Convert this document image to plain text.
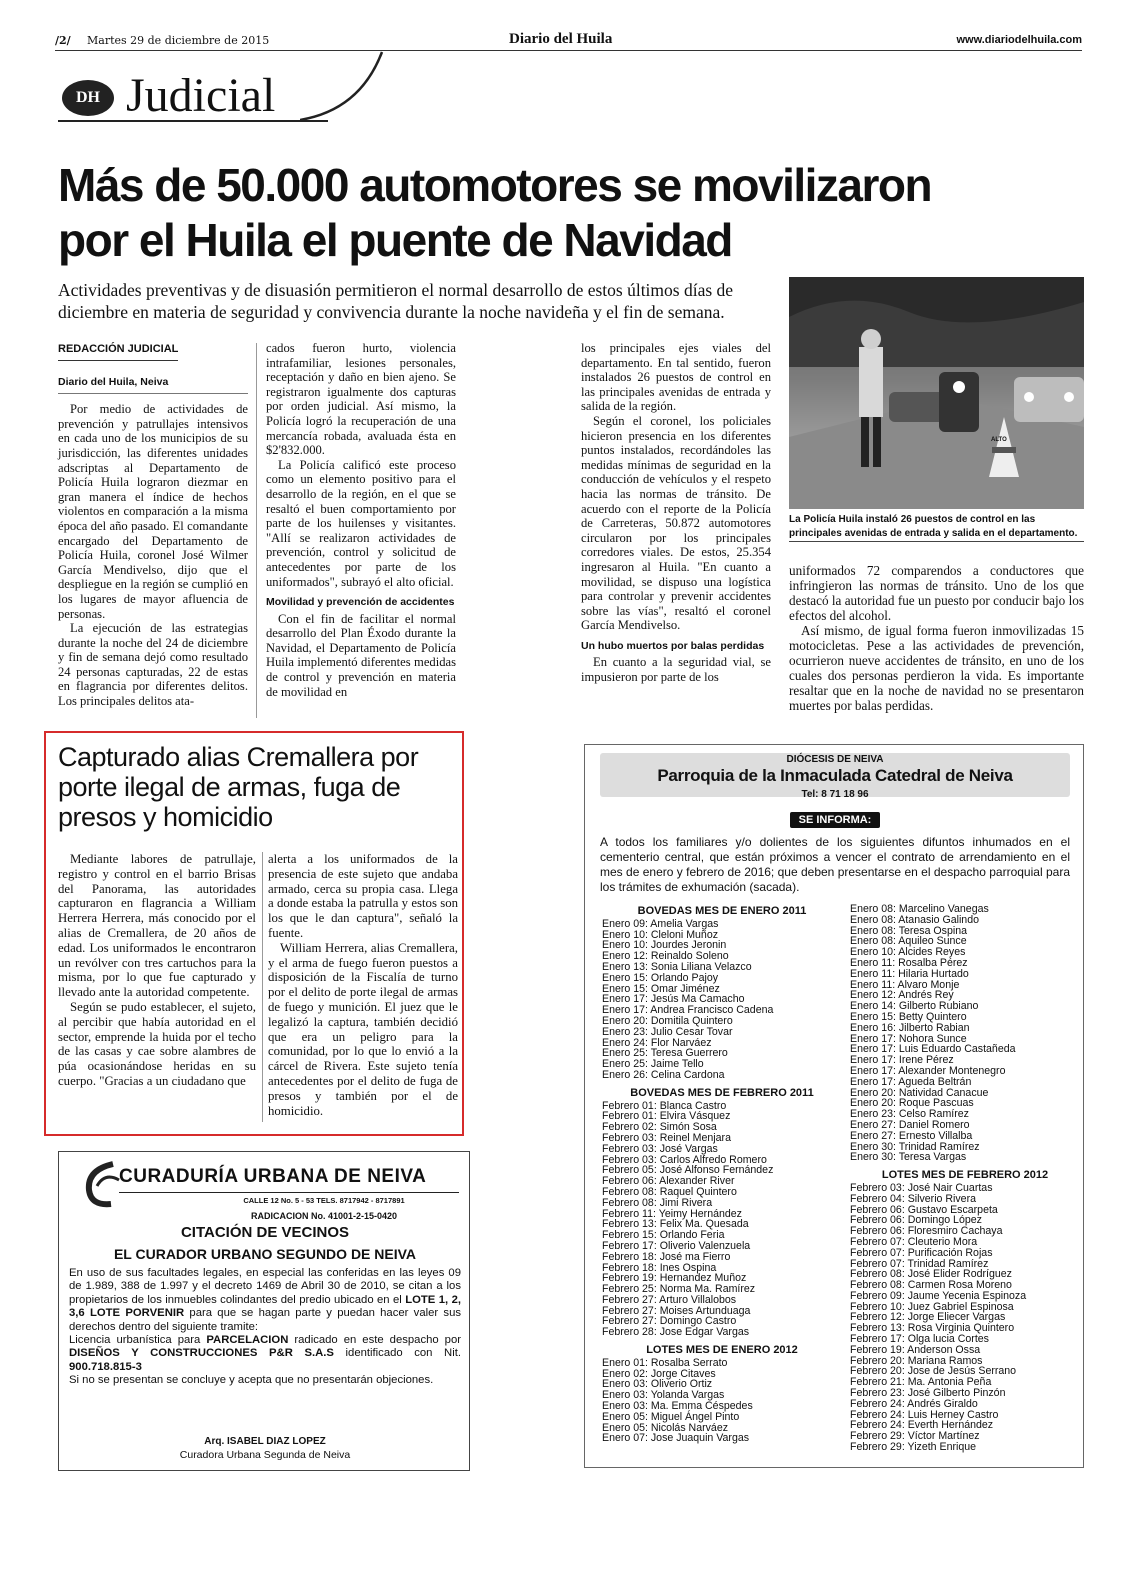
/2/ Martes 29 de diciembre de 2015	Diario del Huila	www.diariodelhuila.com
DH Judicial
Más de 50.000 automotores se movilizaron
por el Huila el puente de Navidad
Actividades preventivas y de disuasión permitieron el normal desarrollo de estos últimos días de diciembre en materia de seguridad y convivencia durante la noche navideña y el fin de semana.
REDACCIÓN JUDICIAL
Diario del Huila, Neiva

Por medio de actividades de prevención y patrullajes intensivos en cada uno de los municipios de su jurisdicción, las diferentes unidades adscriptas al Departamento de Policía Huila lograron diezmar en gran manera el índice de hechos violentos en comparación a la misma época del año pasado. El comandante encargado del Departamento de Policía Huila, coronel José Wilmer García Mendivelso, dijo que el despliegue en la región se cumplió en los lugares de mayor afluencia de personas.

La ejecución de las estrategias durante la noche del 24 de diciembre y fin de semana dejó como resultado 24 personas capturadas, 22 de estas en flagrancia por diferentes delitos. Los principales delitos ata-

cados fueron hurto, violencia intrafamiliar, lesiones personales, receptación y daño en bien ajeno. Se registraron igualmente dos capturas por orden judicial. Así mismo, la Policía logró la recuperación de una mercancía robada, avaluada ésta en $2'832.000.

La Policía calificó este proceso como un elemento positivo para el desarrollo de la región, en el que se resaltó el buen comportamiento por parte de los huilenses y visitantes. "Allí se realizaron actividades de prevención, control y solicitud de antecedentes por parte de los uniformados", subrayó el alto oficial.

Movilidad y prevención de accidentes

Con el fin de facilitar el normal desarrollo del Plan Éxodo durante la Navidad, el Departamento de Policía Huila implementó diferentes medidas de control y prevención en materia de movilidad en

los principales ejes viales del departamento. En tal sentido, fueron instalados 26 puestos de control en las principales avenidas de entrada y salida de la región.

Según el coronel, los policiales hicieron presencia en los diferentes puntos instalados, recordándoles las medidas mínimas de seguridad en la conducción de vehículos y el respeto hacia las normas de tránsito. De acuerdo con el reporte de la Policía de Carreteras, 50.872 automotores circularon por los principales corredores viales. De estos, 25.354 ingresaron al Huila. "En cuanto a movilidad, se dispuso una logística para controlar y prevenir accidentes sobre las vías", resaltó el coronel García Mendivelso.

Un hubo muertos por balas perdidas

En cuanto a la seguridad vial, se impusieron por parte de los

ALTO
La Policía Huila instaló 26 puestos de control en las principales avenidas de entrada y salida en el departamento.

uniformados 72 comparendos a conductores que infringieron las normas de tránsito. Uno de los que destacó la autoridad fue un puesto por conducir bajo los efectos del alcohol.

Así mismo, de igual forma fueron inmovilizadas 15 motocicletas. Pese a las actividades de prevención, ocurrieron nueve accidentes de tránsito, en uno de los cuales dos personas perdieron la vida. Es importante resaltar que en la noche de navidad no se presentaron muertes por balas perdidas.

Capturado alias Cremallera por porte ilegal de armas, fuga de presos y homicidio

Mediante labores de patrullaje, registro y control en el barrio Brisas del Panorama, las autoridades capturaron en flagrancia a William Herrera Herrera, más conocido por el alias de Cremallera, de 20 años de edad. Los uniformados le encontraron un revólver con tres cartuchos para la misma, por lo que fue capturado y llevado ante la autoridad competente.

Según se pudo establecer, el sujeto, al percibir que había autoridad en el sector, emprende la huida por el techo de las casas y cae sobre alambres de púa ocasionándose heridas en su cuerpo. "Gracias a un ciudadano que

alerta a los uniformados de la presencia de este sujeto que andaba armado, cerca su propia casa. Llega a donde estaba la patrulla y estos son los que le dan captura", señaló la fuente.

William Herrera, alias Cremallera, y el arma de fuego fueron puestos a disposición de la Fiscalía de turno por el delito de porte ilegal de armas de fuego y munición. El juez que le legalizó la captura, también decidió que era un peligro para la comunidad, por lo que lo envió a la cárcel de Rivera. Este sujeto tenía antecedentes por el delito de fuga de presos y también por el de homicidio.

DIÓCESIS DE NEIVA
Parroquia de la Inmaculada Catedral de Neiva
Tel: 8 71 18 96
SE INFORMA:
A todos los familiares y/o dolientes de los siguientes difuntos inhumados en el cementerio central, que están próximos a vencer el contrato de arrendamiento en el mes de enero y febrero de 2016; que deben presentarse en el despacho parroquial para los trámites de exhumación (sacada).
BOVEDAS MES DE ENERO 2011
Enero 09: Amelia Vargas
Enero 10: Cleloni Muñoz
Enero 10: Jourdes Jeronin
Enero 12: Reinaldo Soleno
Enero 13: Sonia Liliana Velazco
Enero 15: Orlando Pajoy
Enero 15: Omar Jiménez
Enero 17: Jesús Ma Camacho
Enero 17: Andrea Francisco Cadena
Enero 20: Domitila Quintero
Enero 23: Julio Cesar Tovar
Enero 24: Flor Narváez
Enero 25: Teresa Guerrero
Enero 25: Jaime Tello
Enero 26: Celina Cardona
BOVEDAS MES DE FEBRERO 2011
Febrero 01: Blanca Castro
Febrero 01: Elvira Vásquez
Febrero 02: Simón Sosa
Febrero 03: Reinel Menjara
Febrero 03: José Vargas
Febrero 03: Carlos Alfredo Romero
Febrero 05: José Alfonso Fernández
Febrero 06: Alexander River
Febrero 08: Raquel Quintero
Febrero 08: Jimi Rivera
Febrero 11: Yeimy Hernández
Febrero 13: Felix Ma. Quesada
Febrero 15: Orlando Feria
Febrero 17: Oliverio Valenzuela
Febrero 18: José ma Fierro
Febrero 18: Ines Ospina
Febrero 19: Hernandez Muñoz
Febrero 25: Norma Ma. Ramírez
Febrero 27: Arturo Villalobos
Febrero 27: Moises Artunduaga
Febrero 27: Domingo Castro
Febrero 28: Jose Edgar Vargas
LOTES MES DE ENERO 2012
Enero 01: Rosalba Serrato
Enero 02: Jorge Citaves
Enero 03: Oliverio Ortiz
Enero 03: Yolanda Vargas
Enero 03: Ma. Emma Céspedes
Enero 05: Miguel Ángel Pinto
Enero 05: Nicolás Narváez
Enero 07: Jose Juaquin Vargas
Enero 08: Marcelino Vanegas
Enero 08: Atanasio Galindo
Enero 08: Teresa Ospina
Enero 08: Aquileo Sunce
Enero 10: Alcides Reyes
Enero 11: Rosalba Pérez
Enero 11: Hilaria Hurtado
Enero 11: Alvaro Monje
Enero 12: Andrés Rey
Enero 14: Gilberto Rubiano
Enero 15: Betty Quintero
Enero 16: Jilberto Rabian
Enero 17: Nohora Sunce
Enero 17: Luis Eduardo Castañeda
Enero 17: Irene Pérez
Enero 17: Alexander Montenegro
Enero 17: Agueda Beltrán
Enero 20: Natividad Canacue
Enero 20: Roque Pascuas
Enero 23: Celso Ramírez
Enero 27: Daniel Romero
Enero 27: Ernesto Villalba
Enero 30: Trinidad Ramírez
Enero 30: Teresa Vargas
LOTES MES DE FEBRERO 2012
Febrero 03: José Nair Cuartas
Febrero 04: Silverio Rivera
Febrero 06: Gustavo Escarpeta
Febrero 06: Domingo López
Febrero 06: Floresmiro Cachaya
Febrero 07: Cleuterio Mora
Febrero 07: Purificación Rojas
Febrero 07: Trinidad Ramírez
Febrero 08: José Elider Rodríguez
Febrero 08: Carmen Rosa Moreno
Febrero 09: Jaume Yecenia Espinoza
Febrero 10: Juez Gabriel Espinosa
Febrero 12: Jorge Eliecer Vargas
Febrero 13: Rosa Virginia Quintero
Febrero 17: Olga lucia Cortes
Febrero 19: Anderson Ossa
Febrero 20: Mariana Ramos
Febrero 20: Jose de Jesús Serrano
Febrero 21: Ma. Antonia Peña
Febrero 23: José Gilberto Pinzón
Febrero 24: Andrés Giraldo
Febrero 24: Luis Herney Castro
Febrero 24: Everth Hernández
Febrero 29: Víctor Martínez
Febrero 29: Yizeth Enrique
CURADURÍA URBANA DE NEIVA
CALLE 12 No. 5 - 53 TELS. 8717942 - 8717891
RADICACION No. 41001-2-15-0420
CITACIÓN DE VECINOS
EL CURADOR URBANO SEGUNDO DE NEIVA
En uso de sus facultades legales, en especial las conferidas en las leyes 09 de 1.989, 388 de 1.997 y el decreto 1469 de Abril 30 de 2010, se citan a los propietarios de los inmuebles colindantes del predio ubicado en el LOTE 1, 2, 3,6 LOTE PORVENIR para que se hagan parte y puedan hacer valer sus derechos dentro del siguiente tramite:
Licencia urbanística para PARCELACION radicado en este despacho por DISEÑOS Y CONSTRUCCIONES P&R S.A.S identificado con Nit. 900.718.815-3
Si no se presentan se concluye y acepta que no presentarán objeciones.
Arq. ISABEL DIAZ LOPEZ
Curadora Urbana Segunda de Neiva
